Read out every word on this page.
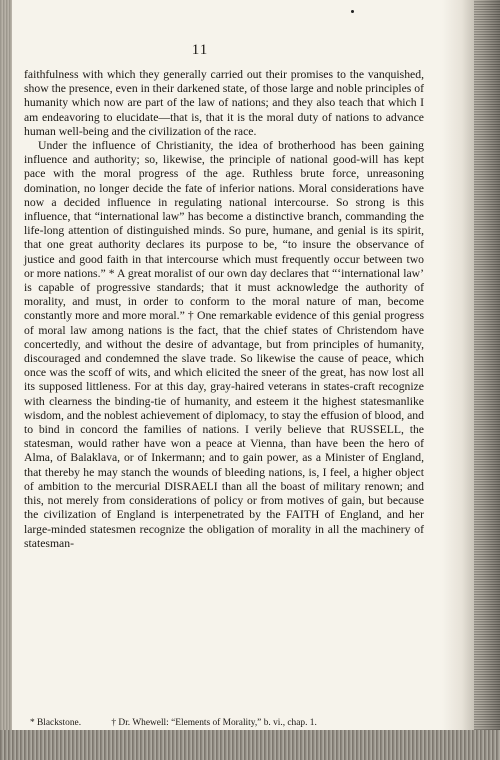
11

faithfulness with which they generally carried out their promises to the vanquished, show the presence, even in their darkened state, of those large and noble principles of humanity which now are part of the law of nations; and they also teach that which I am endeavoring to elucidate—that is, that it is the moral duty of nations to advance human well-being and the civilization of the race.

Under the influence of Christianity, the idea of brotherhood has been gaining influence and authority; so, likewise, the principle of national good-will has kept pace with the moral progress of the age. Ruthless brute force, unreasoning domination, no longer decide the fate of inferior nations. Moral considerations have now a decided influence in regulating national intercourse. So strong is this influence, that “international law” has become a distinctive branch, commanding the life-long attention of distinguished minds. So pure, humane, and genial is its spirit, that one great authority declares its purpose to be, “to insure the observance of justice and good faith in that intercourse which must frequently occur between two or more nations.” * A great moralist of our own day declares that “‘international law’ is capable of progressive standards; that it must acknowledge the authority of morality, and must, in order to conform to the moral nature of man, become constantly more and more moral.” † One remarkable evidence of this genial progress of moral law among nations is the fact, that the chief states of Christendom have concertedly, and without the desire of advantage, but from principles of humanity, discouraged and condemned the slave trade. So likewise the cause of peace, which once was the scoff of wits, and which elicited the sneer of the great, has now lost all its supposed littleness. For at this day, gray-haired veterans in states-craft recognize with clearness the binding-tie of humanity, and esteem it the highest statesmanlike wisdom, and the noblest achievement of diplomacy, to stay the effusion of blood, and to bind in concord the families of nations. I verily believe that RUSSELL, the statesman, would rather have won a peace at Vienna, than have been the hero of Alma, of Balaklava, or of Inkermann; and to gain power, as a Minister of England, that thereby he may stanch the wounds of bleeding nations, is, I feel, a higher object of ambition to the mercurial DISRAELI than all the boast of military renown; and this, not merely from considerations of policy or from motives of gain, but because the civilization of England is interpenetrated by the FAITH of England, and her large-minded statesmen recognize the obligation of morality in all the machinery of statesman-

* Blackstone.	† Dr. Whewell: “Elements of Morality,” b. vi., chap. 1.
